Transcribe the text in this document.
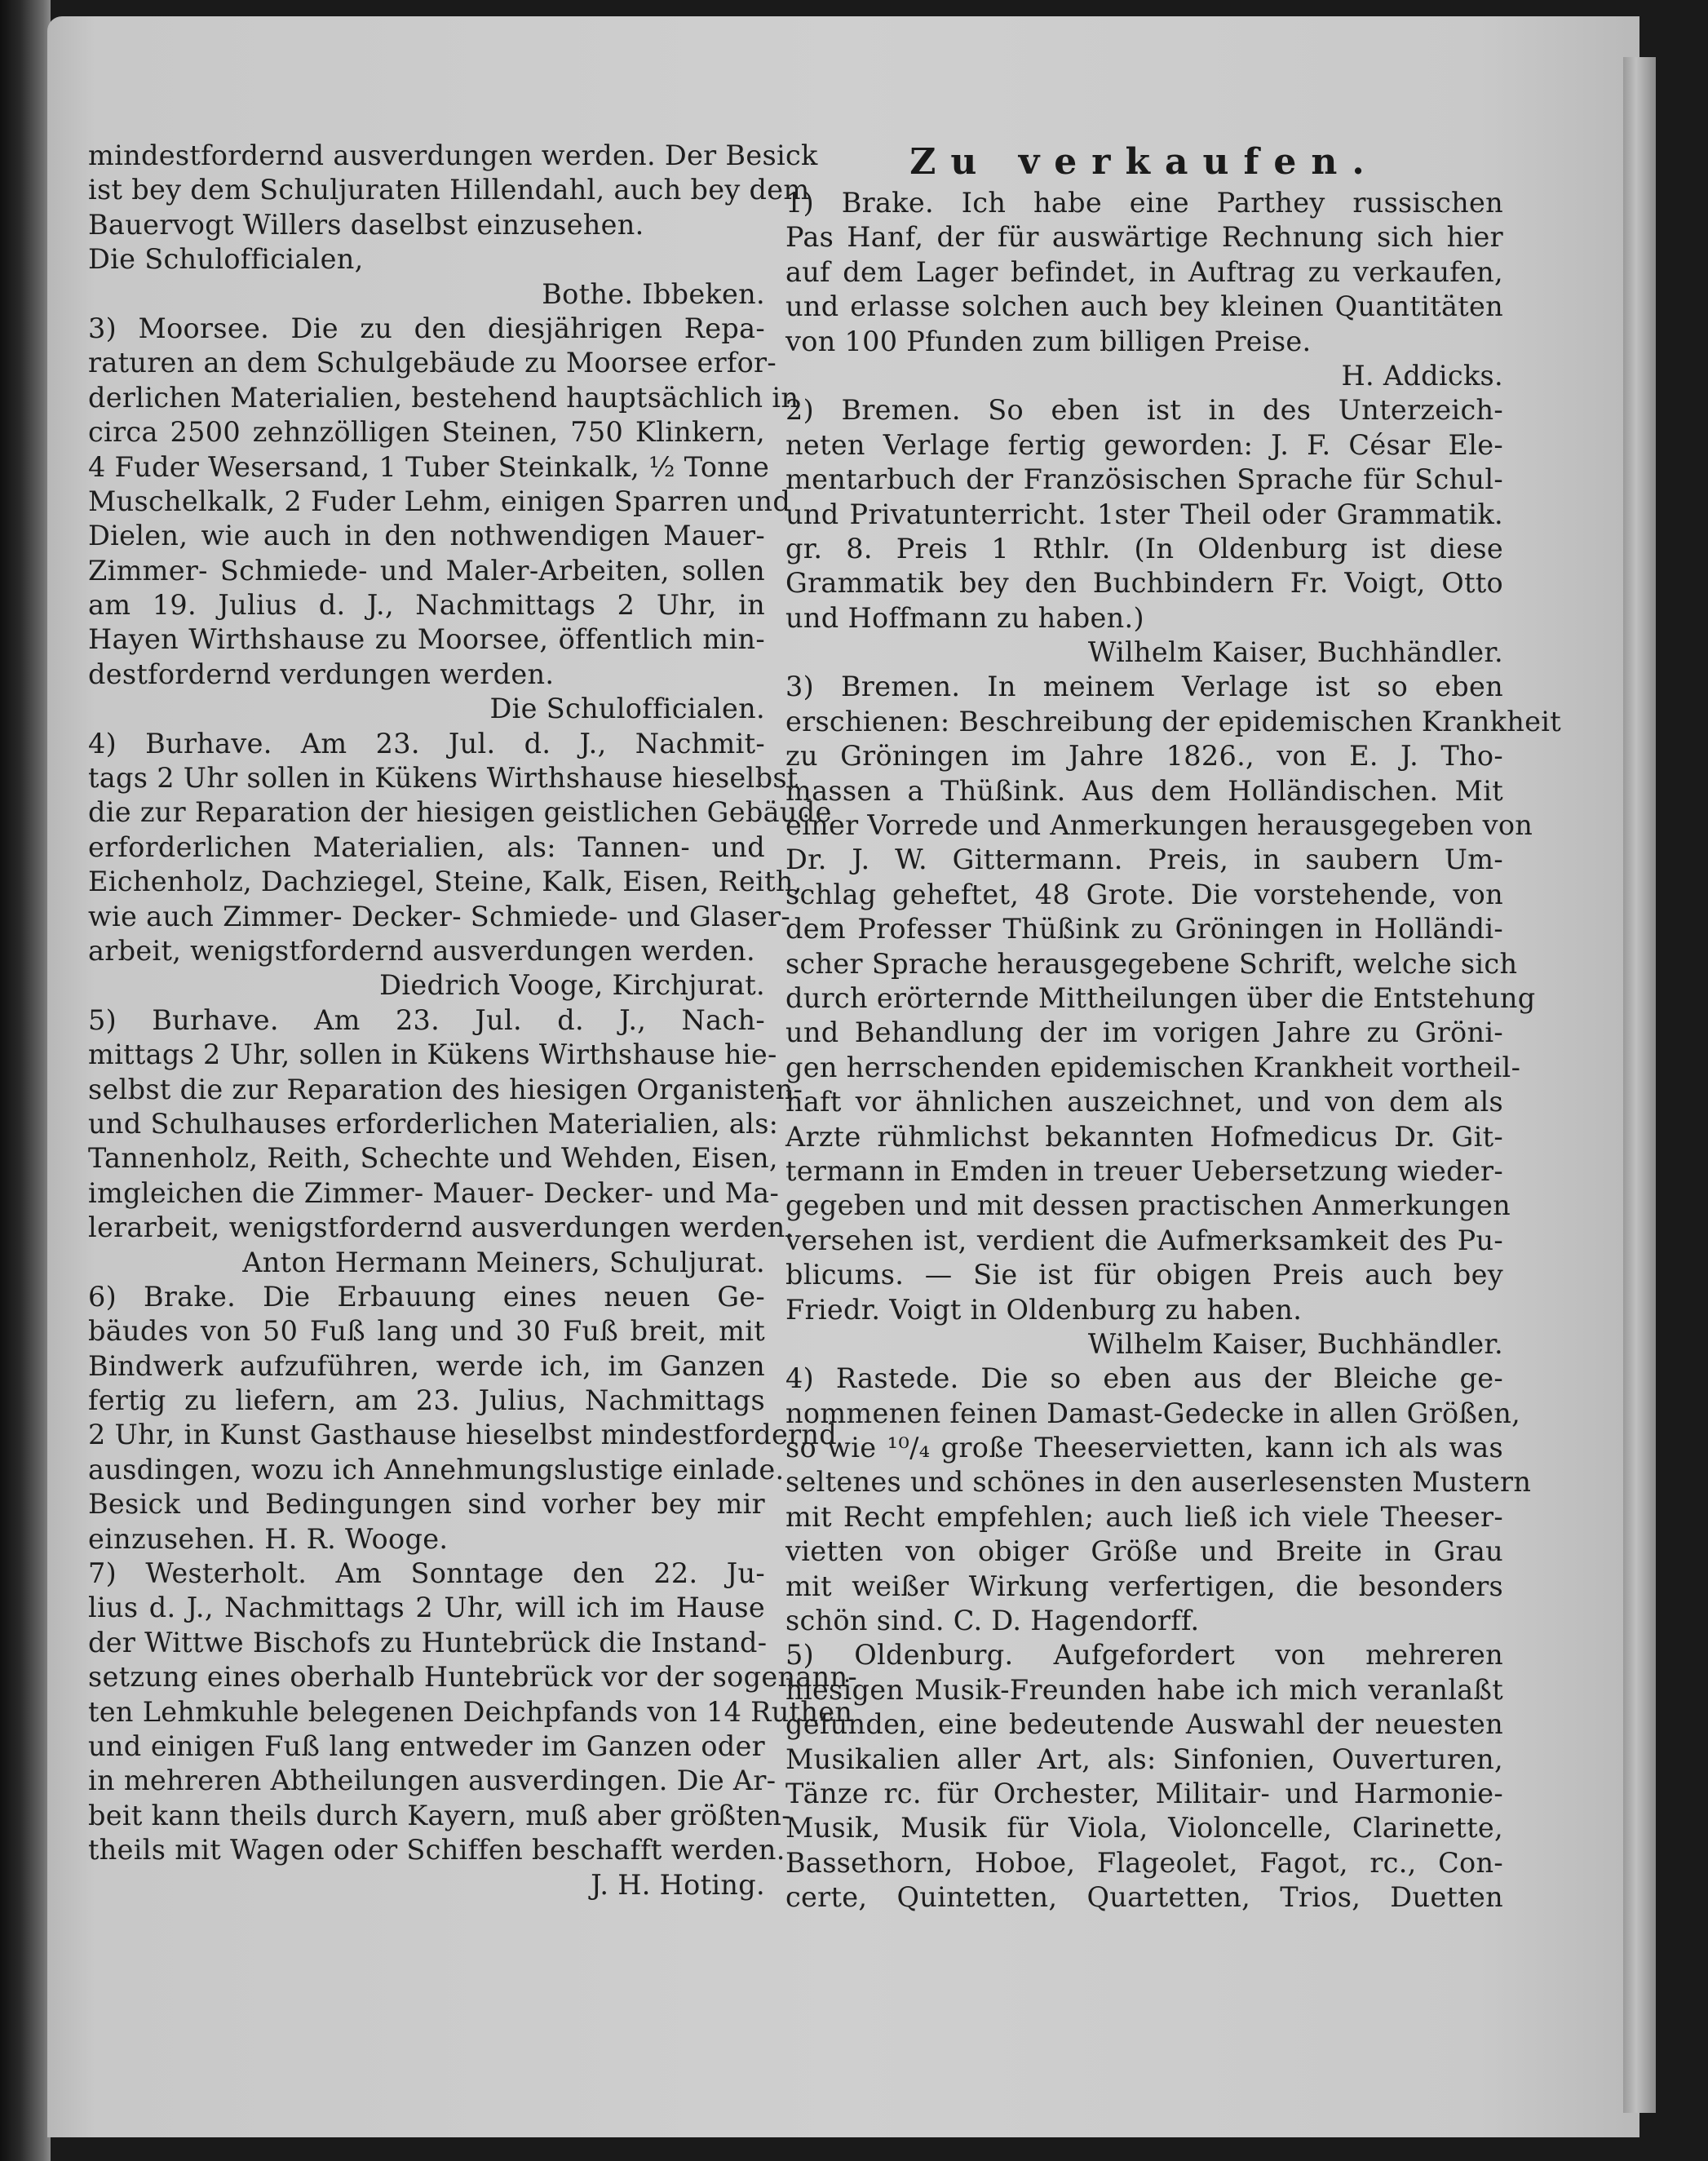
mindestfordernd ausverdungen werden. Der Besick
ist bey dem Schuljuraten Hillendahl, auch bey dem
Bauervogt Willers daselbst einzusehen.
Die Schulofficialen,
Bothe. Ibbeken.
3) Moorsee. Die zu den diesjährigen Repa-
raturen an dem Schulgebäude zu Moorsee erfor-
derlichen Materialien, bestehend hauptsächlich in
circa 2500 zehnzölligen Steinen, 750 Klinkern,
4 Fuder Wesersand, 1 Tuber Steinkalk, ½ Tonne
Muschelkalk, 2 Fuder Lehm, einigen Sparren und
Dielen, wie auch in den nothwendigen Mauer-
Zimmer- Schmiede- und Maler-Arbeiten, sollen
am 19. Julius d. J., Nachmittags 2 Uhr, in
Hayen Wirthshause zu Moorsee, öffentlich min-
destfordernd verdungen werden.
Die Schulofficialen.
4) Burhave. Am 23. Jul. d. J., Nachmit-
tags 2 Uhr sollen in Kükens Wirthshause hieselbst
die zur Reparation der hiesigen geistlichen Gebäude
erforderlichen Materialien, als: Tannen- und
Eichenholz, Dachziegel, Steine, Kalk, Eisen, Reith,
wie auch Zimmer- Decker- Schmiede- und Glaser-
arbeit, wenigstfordernd ausverdungen werden.
Diedrich Vooge, Kirchjurat.
5) Burhave. Am 23. Jul. d. J., Nach-
mittags 2 Uhr, sollen in Kükens Wirthshause hie-
selbst die zur Reparation des hiesigen Organisten-
und Schulhauses erforderlichen Materialien, als:
Tannenholz, Reith, Schechte und Wehden, Eisen,
imgleichen die Zimmer- Mauer- Decker- und Ma-
lerarbeit, wenigstfordernd ausverdungen werden.
Anton Hermann Meiners, Schuljurat.
6) Brake. Die Erbauung eines neuen Ge-
bäudes von 50 Fuß lang und 30 Fuß breit, mit
Bindwerk aufzuführen, werde ich, im Ganzen
fertig zu liefern, am 23. Julius, Nachmittags
2 Uhr, in Kunst Gasthause hieselbst mindestfordernd
ausdingen, wozu ich Annehmungslustige einlade.
Besick und Bedingungen sind vorher bey mir
einzusehen. H. R. Wooge.
7) Westerholt. Am Sonntage den 22. Ju-
lius d. J., Nachmittags 2 Uhr, will ich im Hause
der Wittwe Bischofs zu Huntebrück die Instand-
setzung eines oberhalb Huntebrück vor der sogenann-
ten Lehmkuhle belegenen Deichpfands von 14 Ruthen
und einigen Fuß lang entweder im Ganzen oder
in mehreren Abtheilungen ausverdingen. Die Ar-
beit kann theils durch Kayern, muß aber größten-
theils mit Wagen oder Schiffen beschafft werden.
J. H. Hoting.
Zu verkaufen.
1) Brake. Ich habe eine Parthey russischen
Pas Hanf, der für auswärtige Rechnung sich hier
auf dem Lager befindet, in Auftrag zu verkaufen,
und erlasse solchen auch bey kleinen Quantitäten
von 100 Pfunden zum billigen Preise.
H. Addicks.
2) Bremen. So eben ist in des Unterzeich-
neten Verlage fertig geworden: J. F. César Ele-
mentarbuch der Französischen Sprache für Schul-
und Privatunterricht. 1ster Theil oder Grammatik.
gr. 8. Preis 1 Rthlr. (In Oldenburg ist diese
Grammatik bey den Buchbindern Fr. Voigt, Otto
und Hoffmann zu haben.)
Wilhelm Kaiser, Buchhändler.
3) Bremen. In meinem Verlage ist so eben
erschienen: Beschreibung der epidemischen Krankheit
zu Gröningen im Jahre 1826., von E. J. Tho-
massen a Thüßink. Aus dem Holländischen. Mit
einer Vorrede und Anmerkungen herausgegeben von
Dr. J. W. Gittermann. Preis, in saubern Um-
schlag geheftet, 48 Grote. Die vorstehende, von
dem Professer Thüßink zu Gröningen in Holländi-
scher Sprache herausgegebene Schrift, welche sich
durch erörternde Mittheilungen über die Entstehung
und Behandlung der im vorigen Jahre zu Gröni-
gen herrschenden epidemischen Krankheit vortheil-
haft vor ähnlichen auszeichnet, und von dem als
Arzte rühmlichst bekannten Hofmedicus Dr. Git-
termann in Emden in treuer Uebersetzung wieder-
gegeben und mit dessen practischen Anmerkungen
versehen ist, verdient die Aufmerksamkeit des Pu-
blicums. — Sie ist für obigen Preis auch bey
Friedr. Voigt in Oldenburg zu haben.
Wilhelm Kaiser, Buchhändler.
4) Rastede. Die so eben aus der Bleiche ge-
nommenen feinen Damast-Gedecke in allen Größen,
so wie ¹⁰/₄ große Theeservietten, kann ich als was
seltenes und schönes in den auserlesensten Mustern
mit Recht empfehlen; auch ließ ich viele Theeser-
vietten von obiger Größe und Breite in Grau
mit weißer Wirkung verfertigen, die besonders
schön sind. C. D. Hagendorff.
5) Oldenburg. Aufgefordert von mehreren
hiesigen Musik-Freunden habe ich mich veranlaßt
gefunden, eine bedeutende Auswahl der neuesten
Musikalien aller Art, als: Sinfonien, Ouverturen,
Tänze rc. für Orchester, Militair- und Harmonie-
Musik, Musik für Viola, Violoncelle, Clarinette,
Bassethorn, Hoboe, Flageolet, Fagot, rc., Con-
certe, Quintetten, Quartetten, Trios, Duetten
